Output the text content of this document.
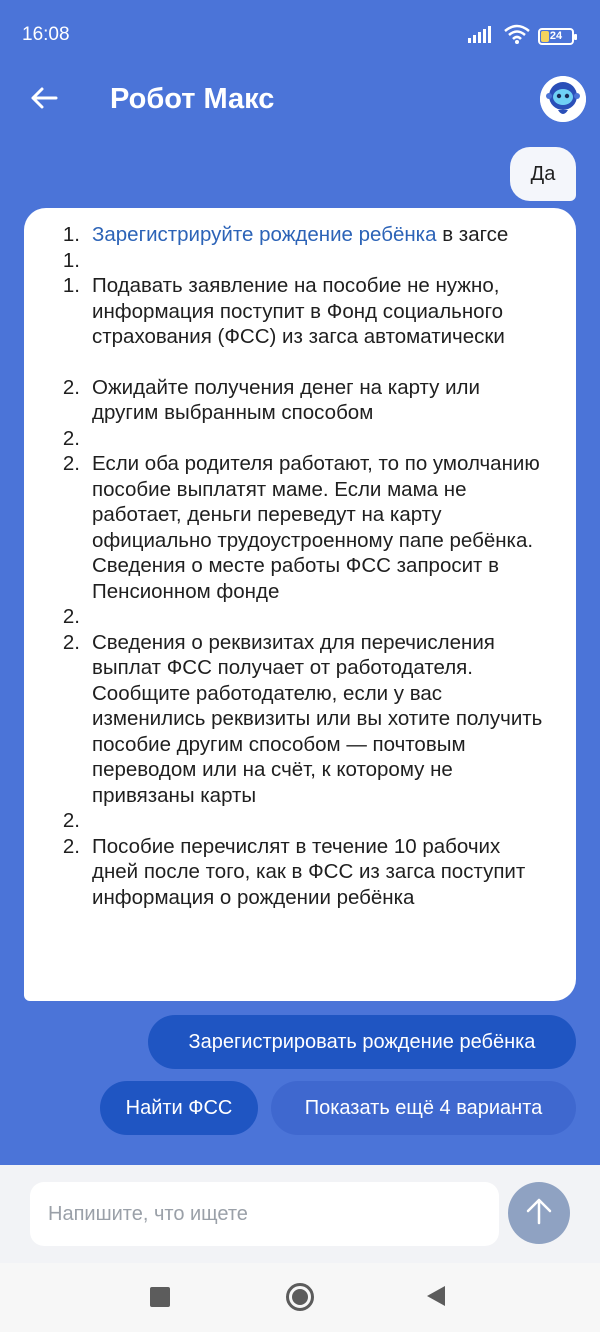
16:08	24
Робот Макс
Да
1. Зарегистрируйте рождение ребёнка в загсе
1.
1. Подавать заявление на пособие не нужно, информация поступит в Фонд социального страхования (ФСС) из загса автоматически
2. Ожидайте получения денег на карту или другим выбранным способом
2.
2. Если оба родителя работают, то по умолчанию пособие выплатят маме. Если мама не работает, деньги переведут на карту официально трудоустроенному папе ребёнка. Сведения о месте работы ФСС запросит в Пенсионном фонде
2.
2. Сведения о реквизитах для перечисления выплат ФСС получает от работодателя. Сообщите работодателю, если у вас изменились реквизиты или вы хотите получить пособие другим способом — почтовым переводом или на счёт, к которому не привязаны карты
2.
2. Пособие перечислят в течение 10 рабочих дней после того, как в ФСС из загса поступит информация о рождении ребёнка
Зарегистрировать рождение ребёнка
Найти ФСС	Показать ещё 4 варианта
Напишите, что ищете
